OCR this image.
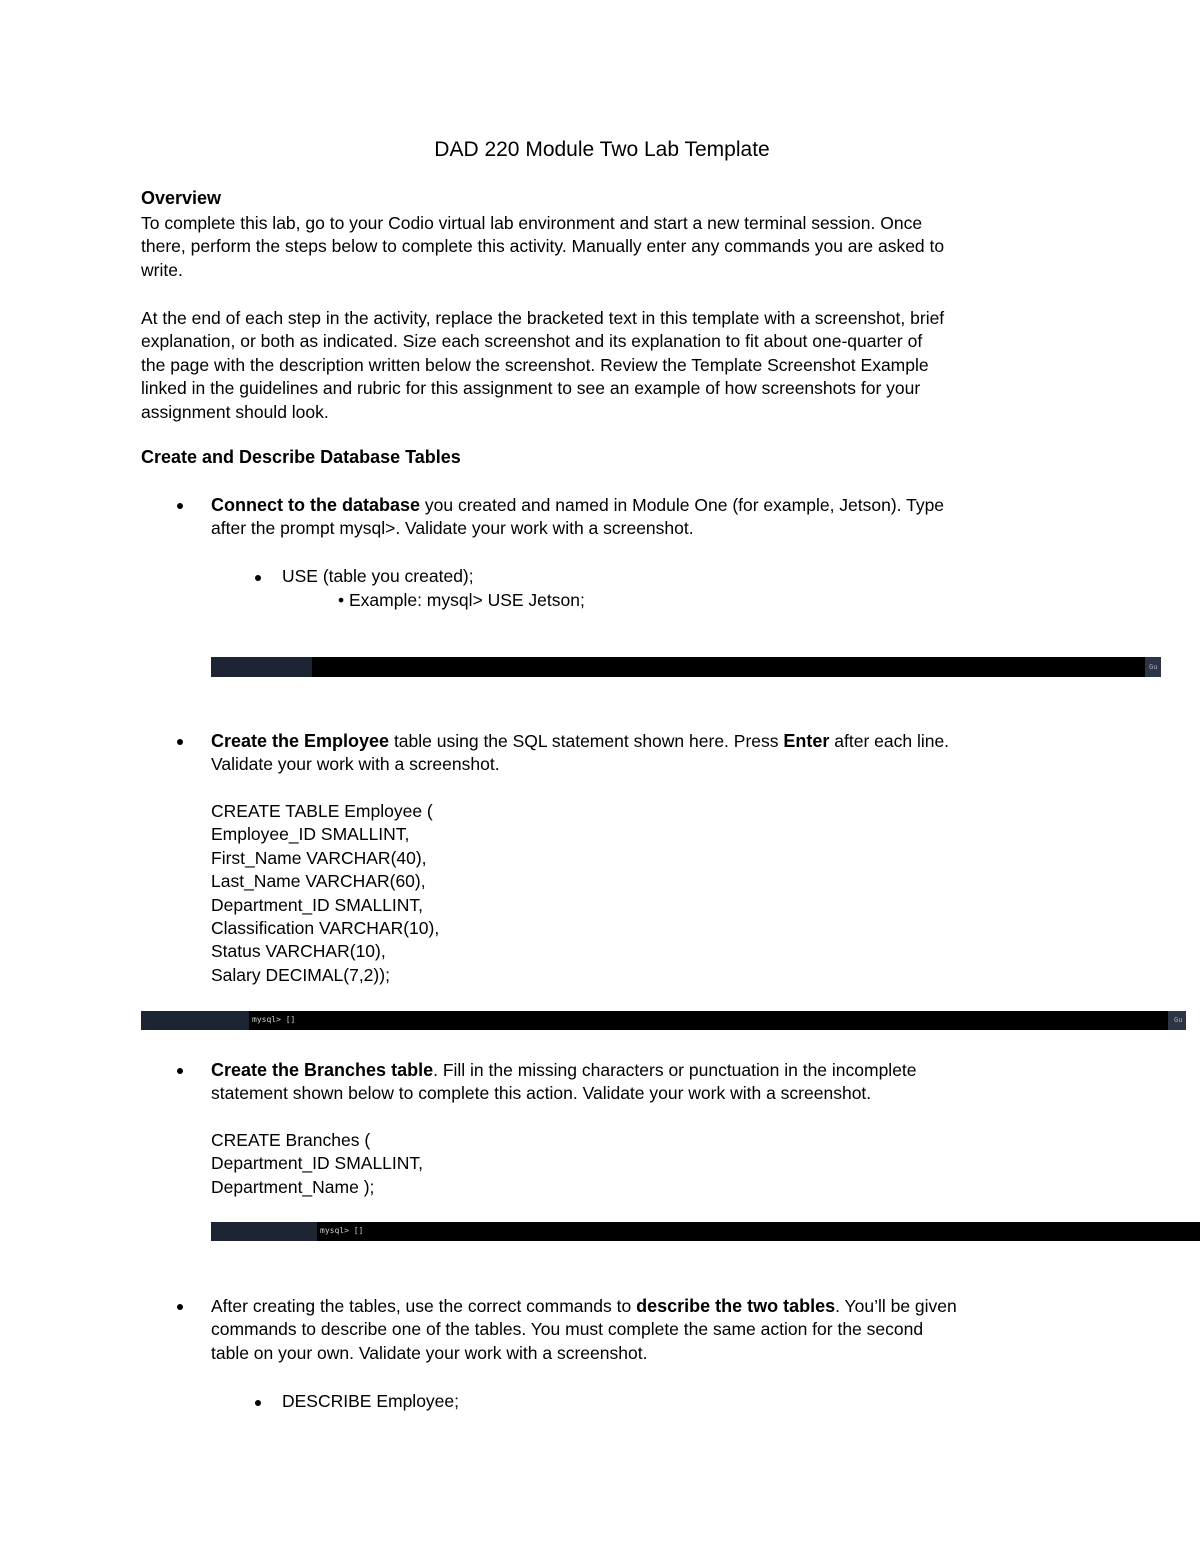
DAD 220 Module Two Lab Template
Overview
To complete this lab, go to your Codio virtual lab environment and start a new terminal session. Once
there, perform the steps below to complete this activity. Manually enter any commands you are asked to
write.
At the end of each step in the activity, replace the bracketed text in this template with a screenshot, brief
explanation, or both as indicated. Size each screenshot and its explanation to fit about one-quarter of
the page with the description written below the screenshot. Review the Template Screenshot Example
linked in the guidelines and rubric for this assignment to see an example of how screenshots for your
assignment should look.
Create and Describe Database Tables
Connect to the database you created and named in Module One (for example, Jetson). Type
after the prompt mysql>. Validate your work with a screenshot.
USE (table you created);
• Example: mysql> USE Jetson;
Gu
Create the Employee table using the SQL statement shown here. Press Enter after each line.
Validate your work with a screenshot.
CREATE TABLE Employee (
Employee_ID SMALLINT,
First_Name VARCHAR(40),
Last_Name VARCHAR(60),
Department_ID SMALLINT,
Classification VARCHAR(10),
Status VARCHAR(10),
Salary DECIMAL(7,2));
mysql> []	Gu
Create the Branches table. Fill in the missing characters or punctuation in the incomplete
statement shown below to complete this action. Validate your work with a screenshot.
CREATE Branches (
Department_ID SMALLINT,
Department_Name );
mysql> []
After creating the tables, use the correct commands to describe the two tables. You’ll be given
commands to describe one of the tables. You must complete the same action for the second
table on your own. Validate your work with a screenshot.
DESCRIBE Employee;
